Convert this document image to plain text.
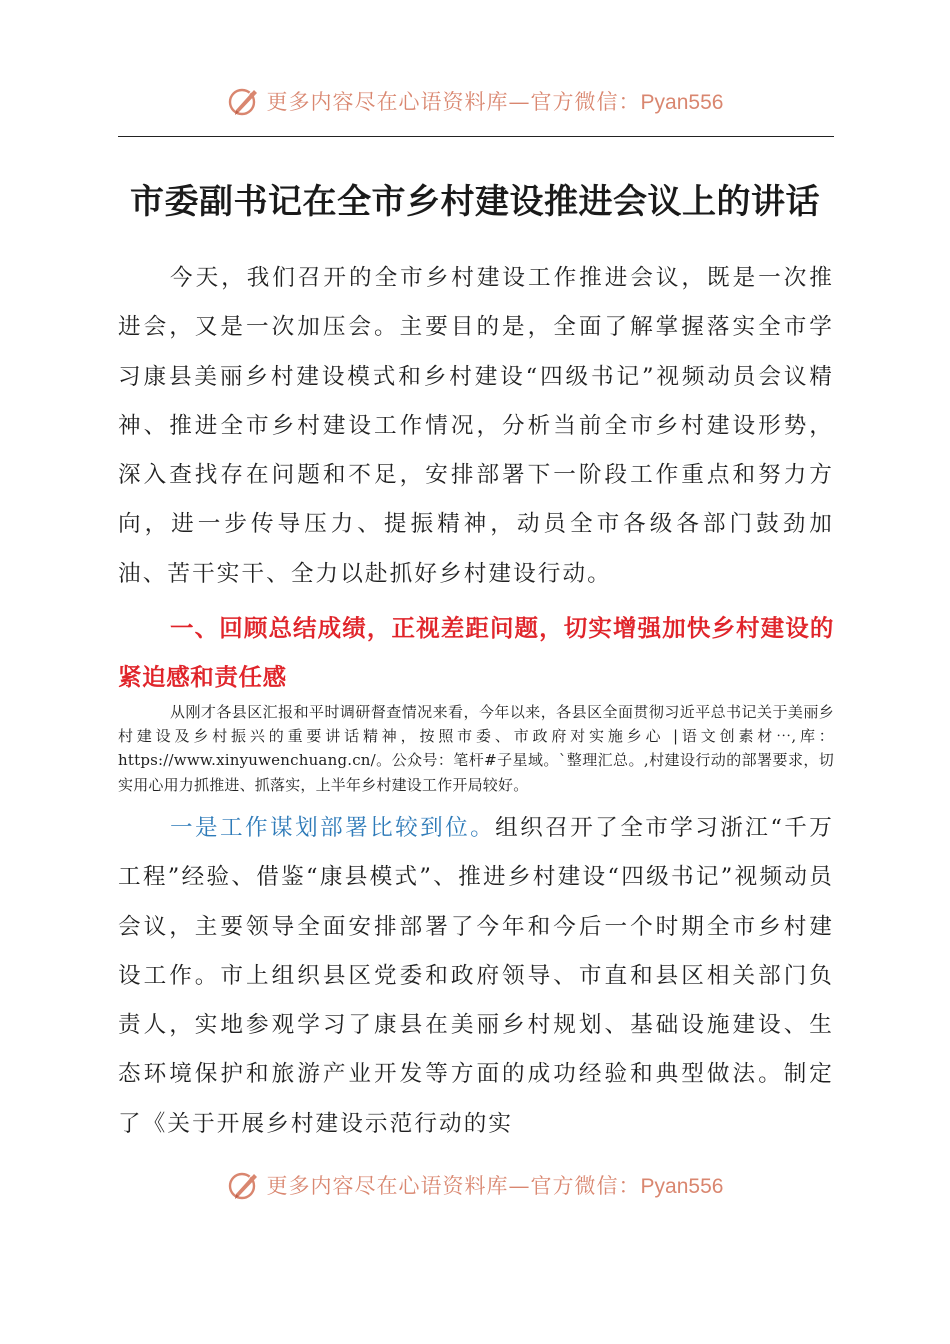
更多内容尽在心语资料库—官方微信：Pyan556
市委副书记在全市乡村建设推进会议上的讲话

今天，我们召开的全市乡村建设工作推进会议，既是一次推进会，又是一次加压会。主要目的是，全面了解掌握落实全市学习康县美丽乡村建设模式和乡村建设“四级书记”视频动员会议精神、推进全市乡村建设工作情况，分析当前全市乡村建设形势，深入查找存在问题和不足，安排部署下一阶段工作重点和努力方向，进一步传导压力、提振精神，动员全市各级各部门鼓劲加油、苦干实干、全力以赴抓好乡村建设行动。

一、回顾总结成绩，正视差距问题，切实增强加快乡村建设的紧迫感和责任感

从刚才各县区汇报和平时调研督查情况来看，今年以来，各县区全面贯彻习近平总书记关于美丽乡村建设及乡村振兴的重要讲话精神，按照市委、市政府对实施乡心 |语文创素材⋯,库：https://www.xinyuwenchuang.cn/。公众号：笔杆#子星域。`整理汇总。,村建设行动的部署要求，切实用心用力抓推进、抓落实，上半年乡村建设工作开局较好。

一是工作谋划部署比较到位。组织召开了全市学习浙江“千万工程”经验、借鉴“康县模式”、推进乡村建设“四级书记”视频动员会议，主要领导全面安排部署了今年和今后一个时期全市乡村建设工作。市上组织县区党委和政府领导、市直和县区相关部门负责人，实地参观学习了康县在美丽乡村规划、基础设施建设、生态环境保护和旅游产业开发等方面的成功经验和典型做法。制定了《关于开展乡村建设示范行动的实

更多内容尽在心语资料库—官方微信：Pyan556
